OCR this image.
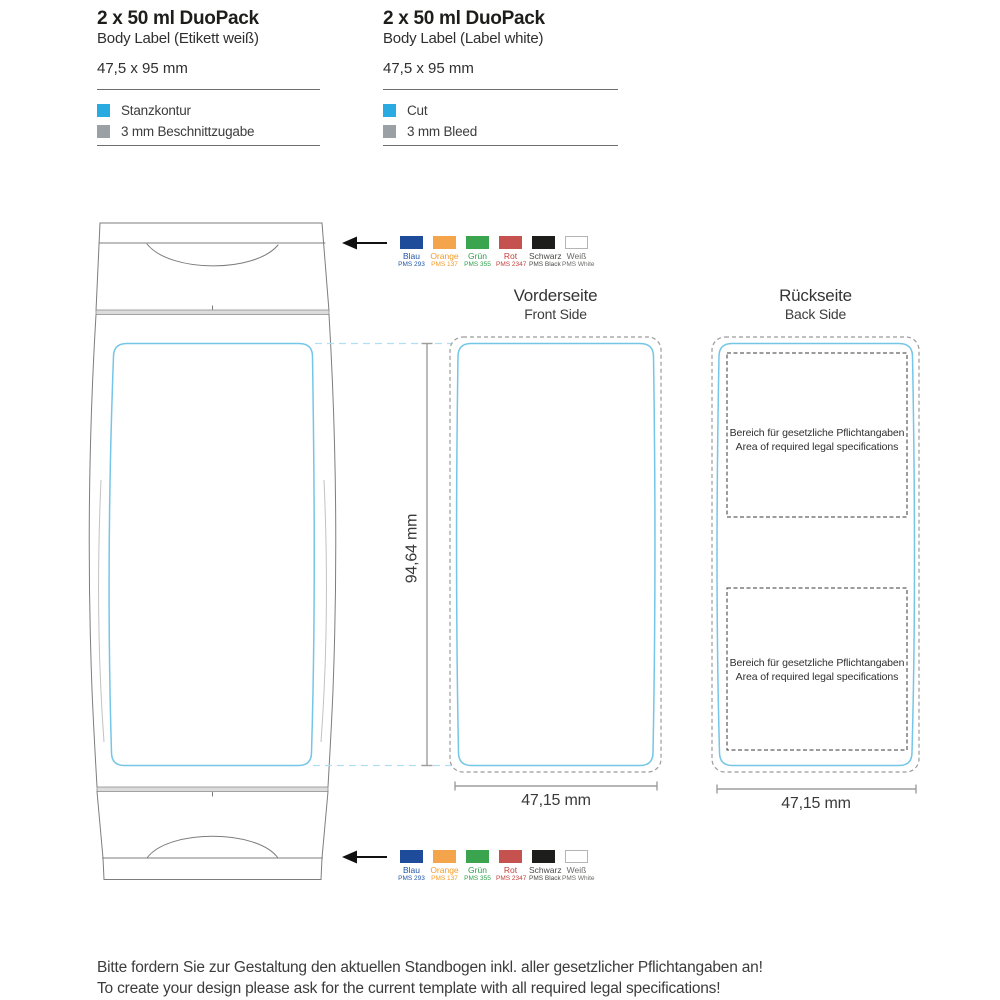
2 x 50 ml DuoPack
Body Label (Etikett weiß)
47,5 x 95 mm
Stanzkontur
3 mm Beschnittzugabe
2 x 50 ml DuoPack
Body Label (Label white)
47,5 x 95 mm
Cut
3 mm Bleed
Vorderseite
Front Side
Rückseite
Back Side
94,64 mm
47,15 mm	47,15 mm
Bereich für gesetzliche Pflichtangaben
Area of required legal specifications
Bereich für gesetzliche Pflichtangaben
Area of required legal specifications
Blau
PMS 293
Orange
PMS 137
Grün
PMS 355
Rot
PMS 2347
Schwarz
PMS Black
Weiß
PMS White
Blau
PMS 293
Orange
PMS 137
Grün
PMS 355
Rot
PMS 2347
Schwarz
PMS Black
Weiß
PMS White
Bitte fordern Sie zur Gestaltung den aktuellen Standbogen inkl. aller gesetzlicher Pflichtangaben an!
To create your design please ask for the current template with all required legal specifications!
